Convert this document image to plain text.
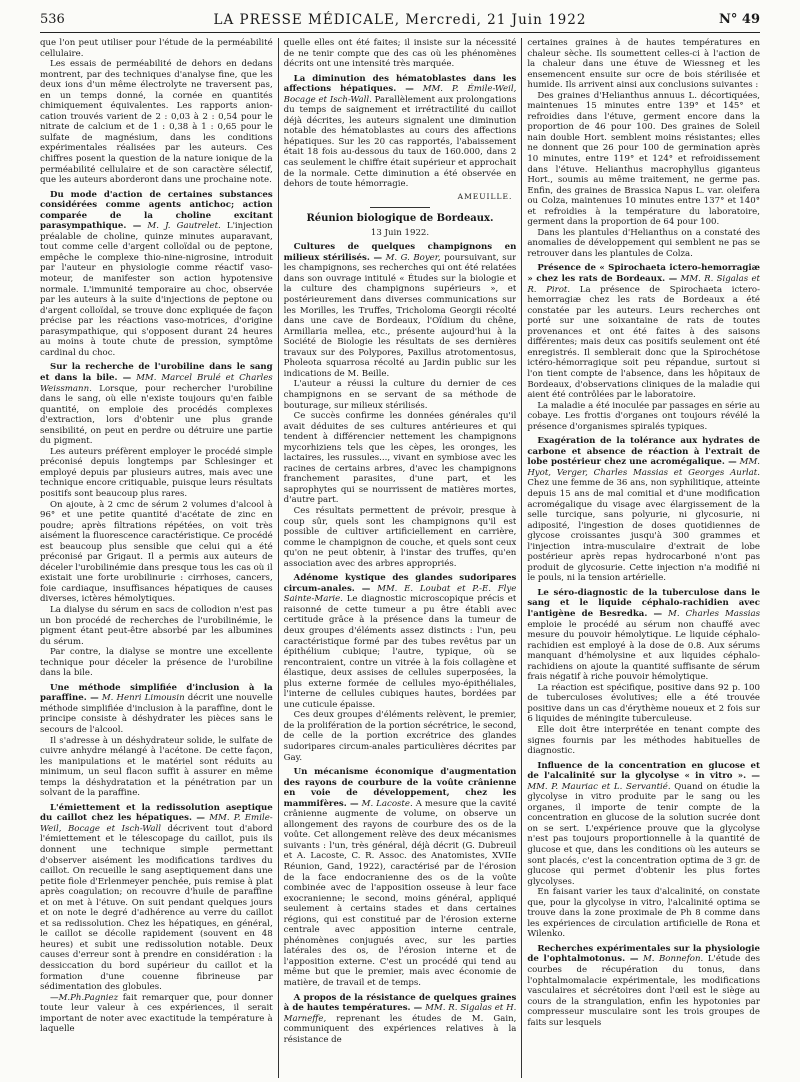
536	LA PRESSE MÉDICALE, Mercredi, 21 Juin 1922	N° 49

que l'on peut utiliser pour l'étude de la perméabilité cellulaire.

Les essais de perméabilité de dehors en dedans montrent, par des techniques d'analyse fine, que les deux ions d'un même électrolyte ne traversent pas, en un temps donné, la cornée en quantités chimiquement équivalentes. Les rapports anion-cation trouvés varient de 2 : 0,03 à 2 : 0,54 pour le nitrate de calcium et de 1 : 0,38 à 1 : 0,65 pour le sulfate de magnésium, dans les conditions expérimentales réalisées par les auteurs. Ces chiffres posent la question de la nature ionique de la perméabilité cellulaire et de son caractère sélectif, que les auteurs aborderont dans une prochaine note.

Du mode d'action de certaines substances considérées comme agents antichoc; action comparée de la choline excitant parasympathique. — M. J. Gautrelet. L'injection préalable de choline, quinze minutes auparavant, tout comme celle d'argent colloïdal ou de peptone, empêche le complexe thio-nine-nigrosine, introduit par l'auteur en physiologie comme réactif vaso-moteur, de manifester son action hypotensive normale. L'immunité temporaire au choc, observée par les auteurs à la suite d'injections de peptone ou d'argent colloïdal, se trouve donc expliquée de façon précise par les réactions vaso-motrices, d'origine parasympathique, qui s'opposent durant 24 heures au moins à toute chute de pression, symptôme cardinal du choc.
Sur la recherche de l'urobiline dans le sang et dans la bile. — MM. Marcel Brulé et Charles Weissmann. Lorsque, pour rechercher l'urobiline dans le sang, où elle n'existe toujours qu'en faible quantité, on emploie des procédés complexes d'extraction, lors d'obtenir une plus grande sensibilité, on peut en perdre ou détruire une partie du pigment.

Les auteurs préfèrent employer le procédé simple préconisé depuis longtemps par Schlesinger et employé depuis par plusieurs autres, mais avec une technique encore critiquable, puisque leurs résultats positifs sont beaucoup plus rares.

On ajoute, à 2 cmc de sérum 2 volumes d'alcool à 96° et une petite quantité d'acétate de zinc en poudre; après filtrations répétées, on voit très aisément la fluorescence caractéristique. Ce procédé est beaucoup plus sensible que celui qui a été préconisé par Grigaut. Il a permis aux auteurs de déceler l'urobilinémie dans presque tous les cas où il existait une forte urobilinurie : cirrhoses, cancers, foie cardiaque, insuffisances hépatiques de causes diverses, ictères hémolytiques.

La dialyse du sérum en sacs de collodion n'est pas un bon procédé de recherches de l'urobilinémie, le pigment étant peut-être absorbé par les albumines du sérum.

Par contre, la dialyse se montre une excellente technique pour déceler la présence de l'urobiline dans la bile.

Une méthode simplifiée d'inclusion à la paraffine. — M. Henri Limousin décrit une nouvelle méthode simplifiée d'inclusion à la paraffine, dont le principe consiste à déshydrater les pièces sans le secours de l'alcool.

Il s'adresse à un déshydrateur solide, le sulfate de cuivre anhydre mélangé à l'acétone. De cette façon, les manipulations et le matériel sont réduits au minimum, un seul flacon suffit à assurer en même temps la déshydratation et la pénétration par un solvant de la paraffine.

L'émiettement et la redissolution aseptique du caillot chez les hépatiques. — MM. P. Emile-Weil, Bocage et Isch-Wall décrivent tout d'abord l'émiettement et le télescopage du caillot, puis ils donnent une technique simple permettant d'observer aisément les modifications tardives du caillot. On recueille le sang aseptiquement dans une petite fiole d'Erlenmeyer penchée, puis remise à plat après coagulation; on recouvre d'huile de paraffine et on met à l'étuve. On suit pendant quelques jours et on note le degré d'adhérence au verre du caillot et sa redissolution. Chez les hépatiques, en général, le caillot se décolle rapidement (souvent en 48 heures) et subit une redissolution notable. Deux causes d'erreur sont à prendre en considération : la dessiccation du bord supérieur du caillot et la formation d'une couenne fibrineuse par sédimentation des globules.

—M.Ph.Pagniez fait remarquer que, pour donner toute leur valeur à ces expériences, il serait important de noter avec exactitude la température à laquelle

quelle elles ont été faites; il insiste sur la nécessité de ne tenir compte que des cas où les phénomènes décrits ont une intensité très marquée.

La diminution des hématoblastes dans les affections hépatiques. — MM. P. Émile-Weil, Bocage et Isch-Wall. Parallèlement aux prolongations du temps de saignement et irrétractilité du caillot déjà décrites, les auteurs signalent une diminution notable des hématoblastes au cours des affections hépatiques. Sur les 20 cas rapportés, l'abaissement était 18 fois au-dessous du taux de 160.000, dans 2 cas seulement le chiffre était supérieur et approchait de la normale. Cette diminution a été observée en dehors de toute hémorragie.
AMEUILLE.
Réunion biologique de Bordeaux.
13 Juin 1922.
Cultures de quelques champignons en milieux stérilisés. — M. G. Boyer, poursuivant, sur les champignons, ses recherches qui ont été relatées dans son ouvrage intitulé « Études sur la biologie et la culture des champignons supérieurs », et postérieurement dans diverses communications sur les Morilles, les Truffes, Tricholoma Georgii récolté dans une cave de Bordeaux, l'Oïdium du chêne, Armillaria mellea, etc., présente aujourd'hui à la Société de Biologie les résultats de ses dernières travaux sur des Polypores, Paxillus atrotomentosus, Pholeota squarrosa récolté au Jardin public sur les indications de M. Beille.

L'auteur a réussi la culture du dernier de ces champignons en se servant de sa méthode de bouturage, sur milieux stérilisés.

Ce succès confirme les données générales qu'il avait déduites de ses cultures antérieures et qui tendent à différencier nettement les champignons mycorhiziens tels que les cèpes, les oronges, les lactaires, les russules..., vivant en symbiose avec les racines de certains arbres, d'avec les champignons franchement parasites, d'une part, et les saprophytes qui se nourrissent de matières mortes, d'autre part.

Ces résultats permettent de prévoir, presque à coup sûr, quels sont les champignons qu'il est possible de cultiver artificiellement en carrière, comme le champignon de couche, et quels sont ceux qu'on ne peut obtenir, à l'instar des truffes, qu'en association avec des arbres appropriés.

Adénome kystique des glandes sudoripares circum-anales. — MM. E. Loubat et P.-E. Flye Sainte-Marie. Le diagnostic microscopique précis et raisonné de cette tumeur a pu être établi avec certitude grâce à la présence dans la tumeur de deux groupes d'éléments assez distincts : l'un, peu caractéristique formé par des tubes revêtus par un épithélium cubique; l'autre, typique, où se rencontraient, contre un vitrée à la fois collagène et élastique, deux assises de cellules superposées, la plus externe formée de cellules myo-épithéliales, l'interne de cellules cubiques hautes, bordées par une cuticule épaisse.

Ces deux groupes d'éléments relèvent, le premier, de la prolifération de la portion sécrétrice, le second, de celle de la portion excrétrice des glandes sudoripares circum-anales particulières décrites par Gay.

Un mécanisme économique d'augmentation des rayons de courbure de la voûte crânienne en voie de développement, chez les mammifères. — M. Lacoste. A mesure que la cavité crânienne augmente de volume, on observe un allongement des rayons de courbure des os de la voûte. Cet allongement relève des deux mécanismes suivants : l'un, très général, déjà décrit (G. Dubreuil et A. Lacoste, C. R. Assoc. des Anatomistes, XVIIe Réunion, Gand, 1922), caractérisé par de l'érosion de la face endocranienne des os de la voûte combinée avec de l'apposition osseuse à leur face exocranienne; le second, moins général, appliqué seulement à certains stades et dans certaines régions, qui est constitué par de l'érosion externe centrale avec apposition interne centrale, phénomènes conjugués avec, sur les parties latérales des os, de l'érosion interne et de l'apposition externe. C'est un procédé qui tend au même but que le premier, mais avec économie de matière, de travail et de temps.
A propos de la résistance de quelques graines à de hautes températures. — MM. R. Sigalas et H. Marneffe, reprenant les études de M. Gain, communiquent des expériences relatives à la résistance de

certaines graines à de hautes températures en chaleur sèche. Ils soumettent celles-ci à l'action de la chaleur dans une étuve de Wiessneg et les ensemencent ensuite sur ocre de bois stérilisée et humide. Ils arrivent ainsi aux conclusions suivantes :

Des graines d'Helianthus annuus L. décortiquées, maintenues 15 minutes entre 139° et 145° et refroidies dans l'étuve, germent encore dans la proportion de 46 pour 100. Des graines de Soleil nain double Hort. semblent moins résistantes; elles ne donnent que 26 pour 100 de germination après 10 minutes, entre 119° et 124° et refroidissement dans l'étuve. Helianthus macrophyllus giganteus Hort., soumis au même traitement, ne germe pas. Enfin, des graines de Brassica Napus L. var. oleifera ou Colza, maintenues 10 minutes entre 137° et 140° et refroidies à la température du laboratoire, germent dans la proportion de 64 pour 100.

Dans les plantules d'Helianthus on a constaté des anomalies de développement qui semblent ne pas se retrouver dans les plantules de Colza.

Présence de « Spirochaeta ictero-hemorragiæ » chez les rats de Bordeaux. — MM. R. Sigalas et R. Pirot. La présence de Spirochaeta ictero-hemorragiæ chez les rats de Bordeaux a été constatée par les auteurs. Leurs recherches ont porté sur une soixantaine de rats de toutes provenances et ont été faites à des saisons différentes; mais deux cas positifs seulement ont été enregistrés. Il semblerait donc que la Spirochétose ictéro-hémorragique soit peu répandue, surtout si l'on tient compte de l'absence, dans les hôpitaux de Bordeaux, d'observations cliniques de la maladie qui aient été contrôlées par le laboratoire.

La maladie a été inoculée par passages en série au cobaye. Les frottis d'organes ont toujours révélé la présence d'organismes spiralés typiques.

Exagération de la tolérance aux hydrates de carbone et absence de réaction à l'extrait de lobe postérieur chez une acromégalique. — MM. Hyot, Verger, Charles Massias et Georges Aurlat. Chez une femme de 36 ans, non syphilitique, atteinte depuis 15 ans de mal comitial et d'une modification acromégalique du visage avec élargissement de la selle turcique, sans polyurie, ni glycosurie, ni adiposité, l'ingestion de doses quotidiennes de glycose croissantes jusqu'à 300 grammes et l'injection intra-musculaire d'extrait de lobe postérieur après repas hydrocarboné n'ont pas produit de glycosurie. Cette injection n'a modifié ni le pouls, ni la tension artérielle.
Le séro-diagnostic de la tuberculose dans le sang et le liquide céphalo-rachidien avec l'antigène de Besredka. — M. Charles Massias emploie le procédé au sérum non chauffé avec mesure du pouvoir hémolytique. Le liquide céphalo-rachidien est employé à la dose de 0.8. Aux sérums manquant d'hémolysine et aux liquides céphalo-rachidiens on ajoute la quantité suffisante de sérum frais négatif à riche pouvoir hémolytique.

La réaction est spécifique, positive dans 92 p. 100 de tuberculoses évolutives; elle a été trouvée positive dans un cas d'érythème noueux et 2 fois sur 6 liquides de méningite tuberculeuse.

Elle doit être interprétée en tenant compte des signes fournis par les méthodes habituelles de diagnostic.

Influence de la concentration en glucose et de l'alcalinité sur la glycolyse « in vitro ». — MM. P. Mauriac et L. Servantié. Quand on étudie la glycolyse in vitro produite par le sang ou les organes, il importe de tenir compte de la concentration en glucose de la solution sucrée dont on se sert. L'expérience prouve que la glycolyse n'est pas toujours proportionnelle à la quantité de glucose et que, dans les conditions où les auteurs se sont placés, c'est la concentration optima de 3 gr. de glucose qui permet d'obtenir les plus fortes glycolyses.

En faisant varier les taux d'alcalinité, on constate que, pour la glycolyse in vitro, l'alcalinité optima se trouve dans la zone proximale de Ph 8 comme dans les expériences de circulation artificielle de Rona et Wilenko.

Recherches expérimentales sur la physiologie de l'ophtalmotonus. — M. Bonnefon. L'étude des courbes de récupération du tonus, dans l'ophtalmomalacie expérimentale, les modifications vasculaires et sécrétoires dont l'œil est le siège au cours de la strangulation, enfin les hypotonies par compresseur musculaire sont les trois groupes de faits sur lesquels
